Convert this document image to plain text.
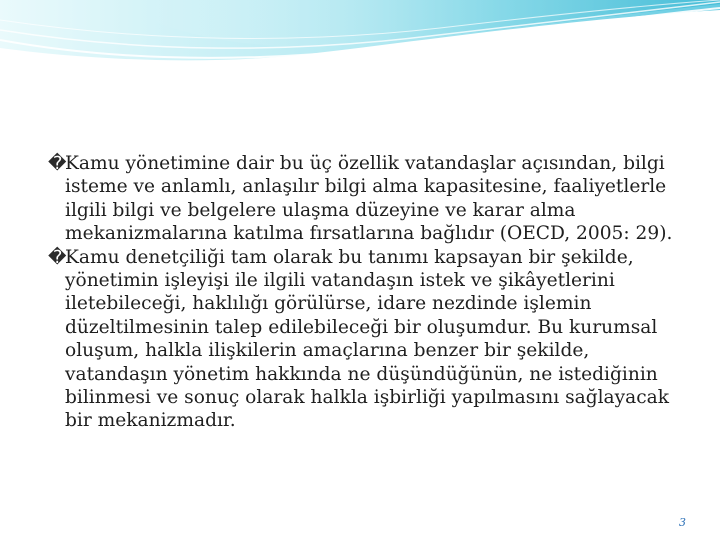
�
Kamu yönetimine dair bu üç özellik vatandaşlar açısından, bilgi isteme ve anlamlı, anlaşılır bilgi alma kapasitesine, faaliyetlerle ilgili bilgi ve belgelere ulaşma düzeyine ve karar alma mekanizmalarına katılma fırsatlarına bağlıdır (OECD, 2005: 29).

�
Kamu denetçiliği tam olarak bu tanımı kapsayan bir şekilde, yönetimin işleyişi ile ilgili vatandaşın istek ve şikâyetlerini iletebileceği, haklılığı görülürse, idare nezdinde işlemin düzeltilmesinin talep edilebileceği bir oluşumdur. Bu kurumsal oluşum, halkla ilişkilerin amaçlarına benzer bir şekilde, vatandaşın yönetim hakkında ne düşündüğünün, ne istediğinin bilinmesi ve sonuç olarak halkla işbirliği yapılmasını sağlayacak bir mekanizmadır.

3
